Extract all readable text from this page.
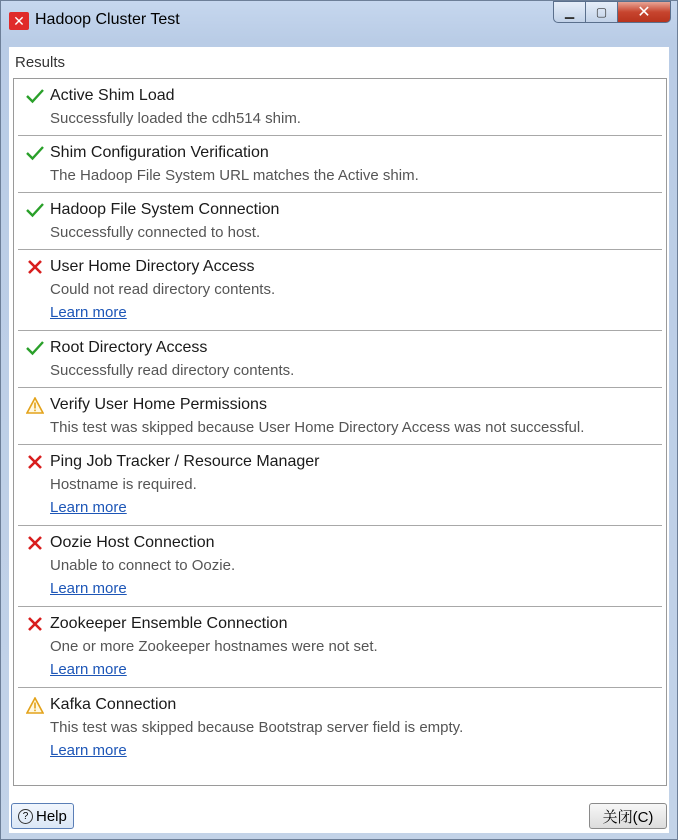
✕ Hadoop Cluster Test	▁ ▢ ✕
Results
Active Shim Load
Successfully loaded the cdh514 shim.
Shim Configuration Verification
The Hadoop File System URL matches the Active shim.
Hadoop File System Connection
Successfully connected to host.
User Home Directory Access
Could not read directory contents.
Learn more
Root Directory Access
Successfully read directory contents.
Verify User Home Permissions
This test was skipped because User Home Directory Access was not successful.
Ping Job Tracker / Resource Manager
Hostname is required.
Learn more
Oozie Host Connection
Unable to connect to Oozie.
Learn more
Zookeeper Ensemble Connection
One or more Zookeeper hostnames were not set.
Learn more
Kafka Connection
This test was skipped because Bootstrap server field is empty.
Learn more
? Help	关闭(C)
